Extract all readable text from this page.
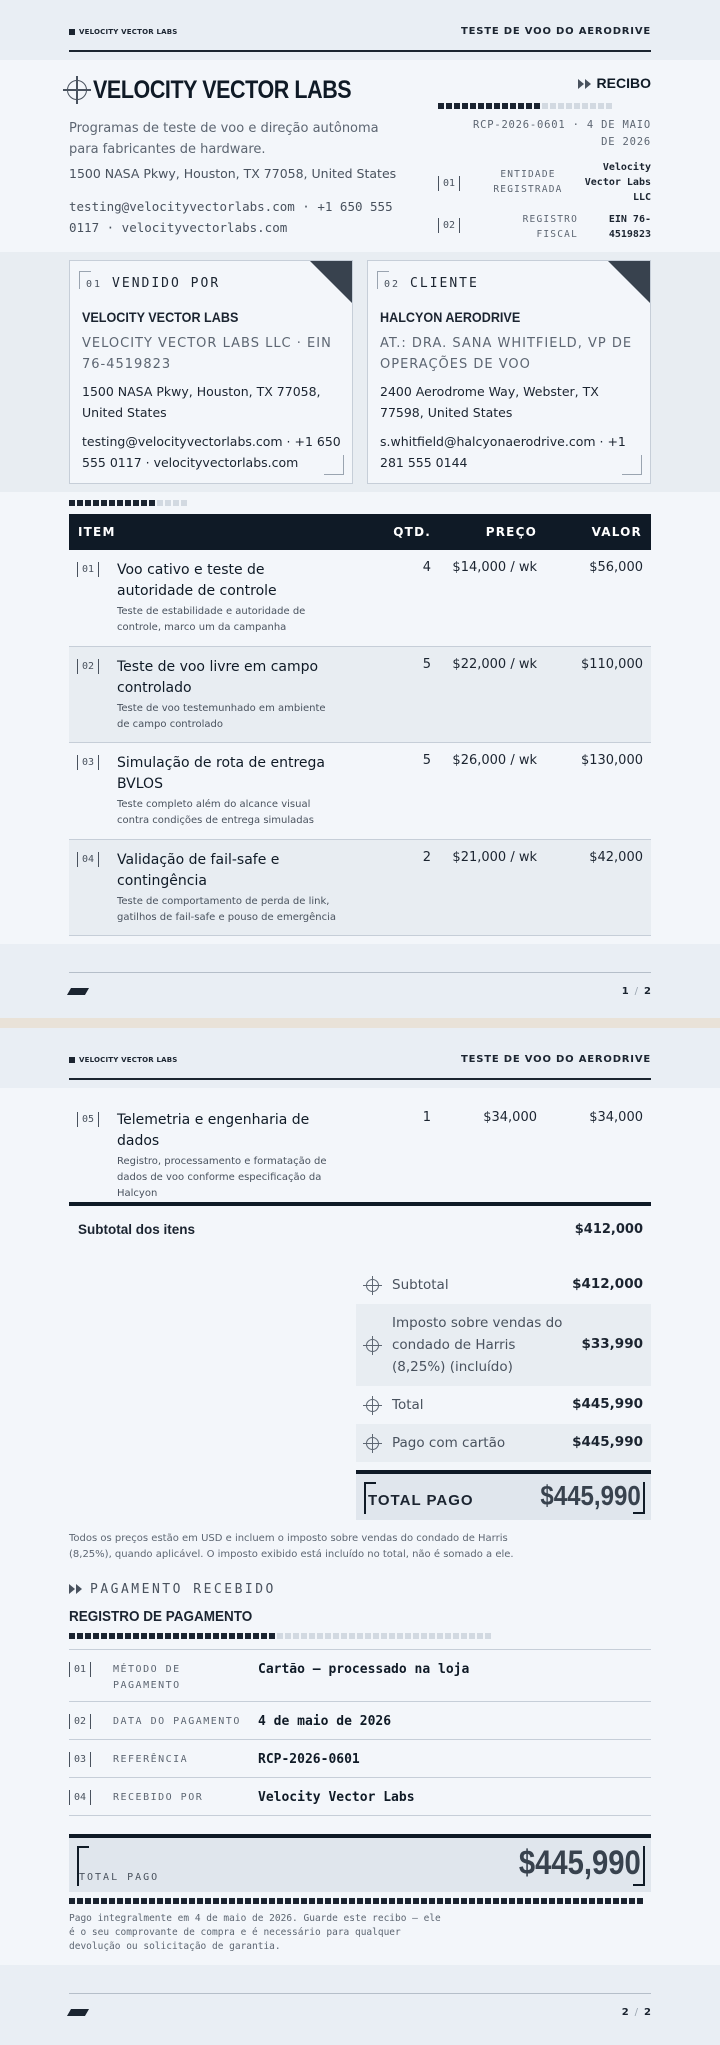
VELOCITY VECTOR LABS	TESTE DE VOO DO AERODRIVE
VELOCITY VECTOR LABS
Programas de teste de voo e direção autônoma para fabricantes de hardware.
1500 NASA Pkwy, Houston, TX 77058, United States
testing@velocityvectorlabs.com · +1 650 555 0117 · velocityvectorlabs.com
RECIBO
RCP-2026-0601 · 4 DE MAIO DE 2026
01
ENTIDADE REGISTRADA
Velocity Vector Labs LLC
02
REGISTRO FISCAL
EIN 76-4519823
01 VENDIDO POR
VELOCITY VECTOR LABS
VELOCITY VECTOR LABS LLC · EIN 76-4519823
1500 NASA Pkwy, Houston, TX 77058, United States
testing@velocityvectorlabs.com · +1 650 555 0117 · velocityvectorlabs.com
02 CLIENTE
HALCYON AERODRIVE
AT.: DRA. SANA WHITFIELD, VP DE OPERAÇÕES DE VOO
2400 Aerodrome Way, Webster, TX 77598, United States
s.whitfield@halcyonaerodrive.com · +1 281 555 0144
ITEM	QTD.	PREÇO	VALOR
01	Voo cativo e teste de autoridade de controle
Teste de estabilidade e autoridade de controle, marco um da campanha
4 $14,000 / wk	$56,000
02	Teste de voo livre em campo controlado
Teste de voo testemunhado em ambiente de campo controlado
5 $22,000 / wk	$110,000
03	Simulação de rota de entrega BVLOS
Teste completo além do alcance visual contra condições de entrega simuladas
5 $26,000 / wk	$130,000
04	Validação de fail-safe e contingência
Teste de comportamento de perda de link, gatilhos de fail-safe e pouso de emergência
2 $21,000 / wk	$42,000
1 / 2
VELOCITY VECTOR LABS	TESTE DE VOO DO AERODRIVE
05	Telemetria e engenharia de dados
Registro, processamento e formatação de dados de voo conforme especificação da Halcyon
1	$34,000	$34,000
Subtotal dos itens	$412,000
Subtotal	$412,000
Imposto sobre vendas do condado de Harris (8,25%) (incluído)
$33,990
Total	$445,990
Pago com cartão	$445,990
TOTAL PAGO $445,990
Todos os preços estão em USD e incluem o imposto sobre vendas do condado de Harris (8,25%), quando aplicável. O imposto exibido está incluído no total, não é somado a ele.
PAGAMENTO RECEBIDO
REGISTRO DE PAGAMENTO
01	MÉTODO DE PAGAMENTO
Cartão — processado na loja
02	DATA DO PAGAMENTO 4 de maio de 2026
03	REFERÊNCIA	RCP-2026-0601
04	RECEBIDO POR	Velocity Vector Labs
TOTAL PAGO	$445,990
Pago integralmente em 4 de maio de 2026. Guarde este recibo — ele é o seu comprovante de compra e é necessário para qualquer devolução ou solicitação de garantia.
2 / 2
